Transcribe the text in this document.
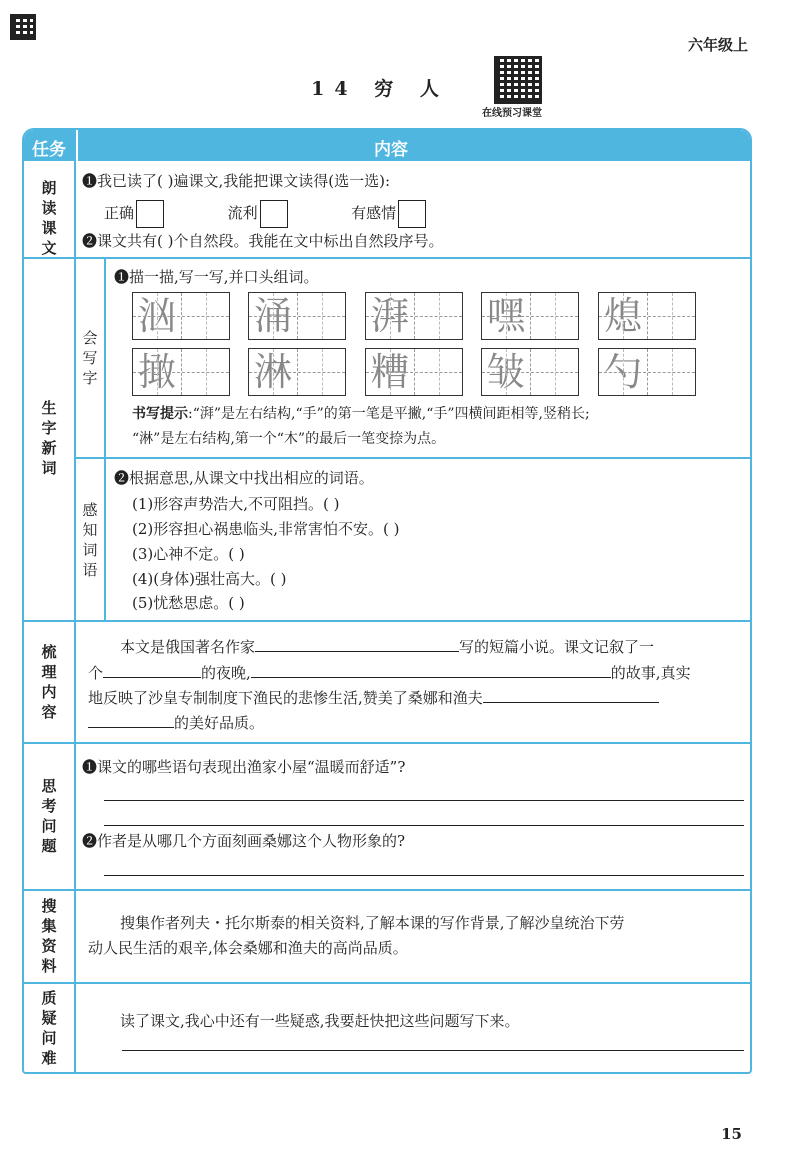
六年级上
14 穷 人
在线预习课堂
任务	内容
朗
读
课
文
❶我已读了( )遍课文,我能把课文读得(选一选):
正确	流利	有感情
❷课文共有( )个自然段。我能在文中标出自然段序号。
生
字
新
词
会
写
字
❶描一描,写一写,并口头组词。
汹 涌 湃 嘿 熄
撖 淋 糟 皱 勺
书写提示:“湃”是左右结构,“手”的第一笔是平撇,“手”四横间距相等,竖稍长;
“淋”是左右结构,第一个“木”的最后一笔变捺为点。
感
知
词
语
❷根据意思,从课文中找出相应的词语。
(1)形容声势浩大,不可阻挡。( )
(2)形容担心祸患临头,非常害怕不安。( )
(3)心神不定。( )
(4)(身体)强壮高大。( )
(5)忧愁思虑。( )
梳
理
内
容
本文是俄国著名作家	写的短篇小说。课文记叙了一
个	的夜晚,	的故事,真实
地反映了沙皇专制制度下渔民的悲惨生活,赞美了桑娜和渔夫
的美好品质。
思
考
问
题
❶课文的哪些语句表现出渔家小屋“温暖而舒适”?
❷作者是从哪几个方面刻画桑娜这个人物形象的?
搜
集
资
料
搜集作者列夫・托尔斯泰的相关资料,了解本课的写作背景,了解沙皇统治下劳
动人民生活的艰辛,体会桑娜和渔夫的高尚品质。
质
疑
问
难
读了课文,我心中还有一些疑惑,我要赶快把这些问题写下来。
15
